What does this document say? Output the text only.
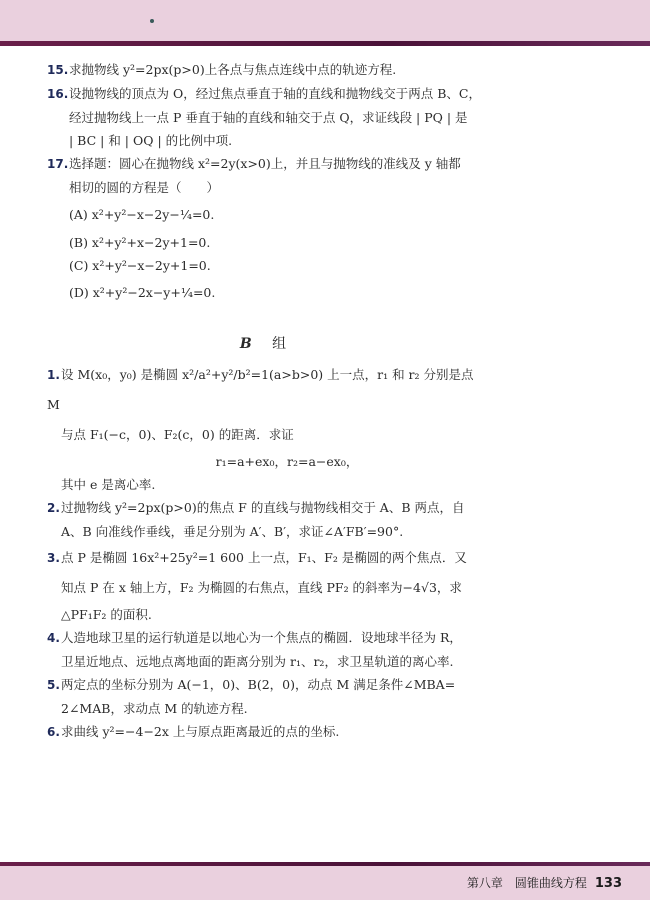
15.求抛物线 y²=2px(p>0)上各点与焦点连线中点的轨迹方程.
16.设抛物线的顶点为 O，经过焦点垂直于轴的直线和抛物线交于两点 B、C，
经过抛物线上一点 P 垂直于轴的直线和轴交于点 Q，求证线段 | PQ | 是
| BC | 和 | OQ | 的比例中项.
17.选择题：圆心在抛物线 x²=2y(x>0)上，并且与抛物线的准线及 y 轴都
相切的圆的方程是（　　）
(A) x²+y²−x−2y−¼=0.
(B) x²+y²+x−2y+1=0.
(C) x²+y²−x−2y+1=0.
(D) x²+y²−2x−y+¼=0.
B 组
1.设 M(x₀，y₀) 是椭圆 x²/a²+y²/b²=1(a>b>0) 上一点，r₁ 和 r₂ 分别是点 M
与点 F₁(−c，0)、F₂(c，0) 的距离．求证
r₁=a+ex₀，r₂=a−ex₀，
其中 e 是离心率.
2.过抛物线 y²=2px(p>0)的焦点 F 的直线与抛物线相交于 A、B 两点，自
A、B 向准线作垂线，垂足分别为 A′、B′，求证∠A′FB′=90°.
3.点 P 是椭圆 16x²+25y²=1 600 上一点，F₁、F₂ 是椭圆的两个焦点．又
知点 P 在 x 轴上方，F₂ 为椭圆的右焦点，直线 PF₂ 的斜率为−4√3，求
△PF₁F₂ 的面积.
4.人造地球卫星的运行轨道是以地心为一个焦点的椭圆．设地球半径为 R，
卫星近地点、远地点离地面的距离分别为 r₁、r₂，求卫星轨道的离心率.
5.两定点的坐标分别为 A(−1，0)、B(2，0)，动点 M 满足条件∠MBA=
2∠MAB，求动点 M 的轨迹方程.
6.求曲线 y²=−4−2x 上与原点距离最近的点的坐标.
第八章　圆锥曲线方程 133
